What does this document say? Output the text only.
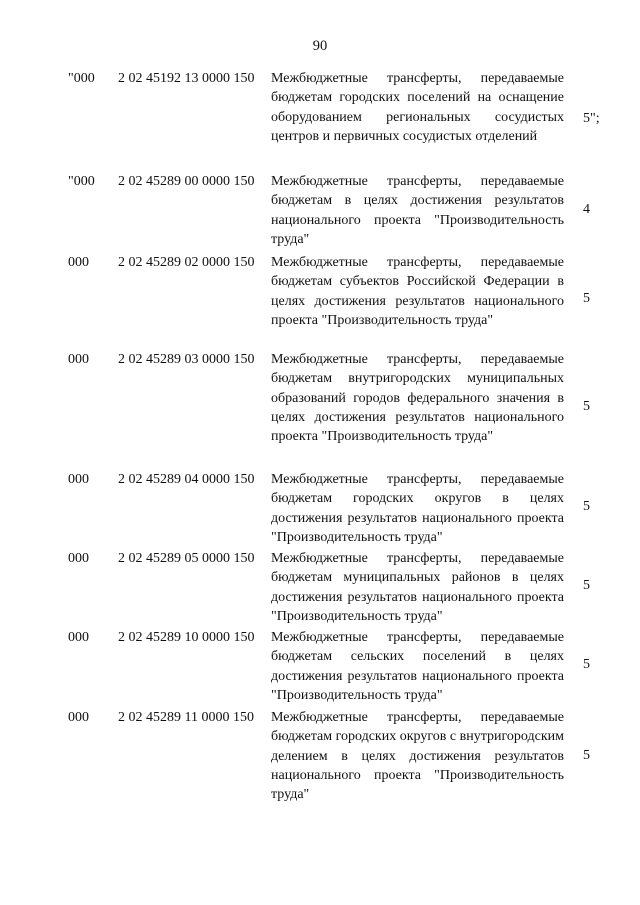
90
"000 2 02 45192 13 0000 150 Межбюджетные трансферты, передаваемые бюджетам городских поселений на оснащение оборудованием региональных сосудистых центров и первичных сосудистых отделений
5";
"000 2 02 45289 00 0000 150 Межбюджетные трансферты, передаваемые бюджетам в целях достижения результатов национального проекта "Производительность труда"
4
000 2 02 45289 02 0000 150 Межбюджетные трансферты, передаваемые бюджетам субъектов Российской Федерации в целях достижения результатов национального проекта "Производительность труда"
5
000 2 02 45289 03 0000 150 Межбюджетные трансферты, передаваемые бюджетам внутригородских муниципальных образований городов федерального значения в целях достижения результатов национального проекта "Производительность труда"
5
000 2 02 45289 04 0000 150 Межбюджетные трансферты, передаваемые бюджетам городских округов в целях достижения результатов национального проекта "Производительность труда"
5
000 2 02 45289 05 0000 150 Межбюджетные трансферты, передаваемые бюджетам муниципальных районов в целях достижения результатов национального проекта "Производительность труда"
5
000 2 02 45289 10 0000 150 Межбюджетные трансферты, передаваемые бюджетам сельских поселений в целях достижения результатов национального проекта "Производительность труда"
5
000 2 02 45289 11 0000 150 Межбюджетные трансферты, передаваемые бюджетам городских округов с внутригородским делением в целях достижения результатов национального проекта "Производительность труда"
5
